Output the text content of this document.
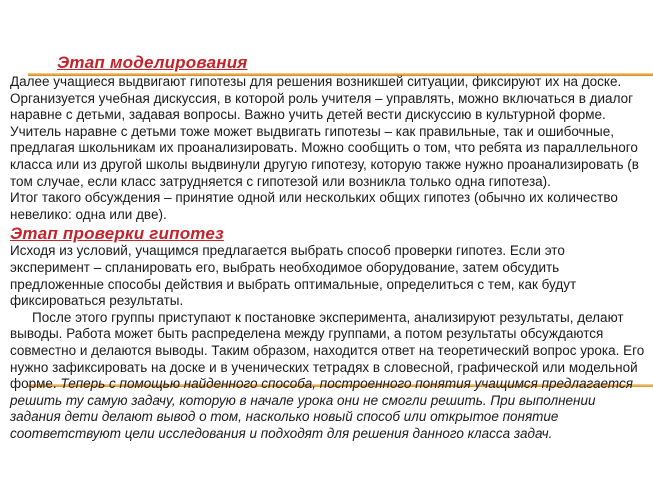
Этап моделирования

Далее учащиеся выдвигают гипотезы для решения возникшей ситуации, фиксируют их на доске. Организуется учебная дискуссия, в которой роль учителя – управлять, можно включаться в диалог наравне с детьми, задавая вопросы. Важно учить детей вести дискуссию в культурной форме. Учитель наравне с детьми тоже может выдвигать гипотезы – как правильные, так и ошибочные, предлагая школьникам их проанализировать. Можно сообщить о том, что ребята из параллельного класса или из другой школы выдвинули другую гипотезу, которую также нужно проанализировать (в том случае, если класс затрудняется с гипотезой или возникла только одна гипотеза).

Итог такого обсуждения – принятие одной или нескольких общих гипотез (обычно их количество невелико: одна или две).

Этап проверки гипотез

Исходя из условий, учащимся предлагается выбрать способ проверки гипотез. Если это эксперимент – спланировать его, выбрать необходимое оборудование, затем обсудить предложенные способы действия и выбрать оптимальные, определиться с тем, как будут фиксироваться результаты.

После этого группы приступают к постановке эксперимента, анализируют результаты, делают выводы. Работа может быть распределена между группами, а потом результаты обсуждаются совместно и делаются выводы. Таким образом, находится ответ на теоретический вопрос урока. Его нужно зафиксировать на доске и в ученических тетрадях в словесной, графической или модельной форме. Теперь с помощью найденного способа, построенного понятия учащимся предлагается решить ту самую задачу, которую в начале урока они не смогли решить. При выполнении задания дети делают вывод о том, насколько новый способ или открытое понятие соответствуют цели исследования и подходят для решения данного класса задач.
